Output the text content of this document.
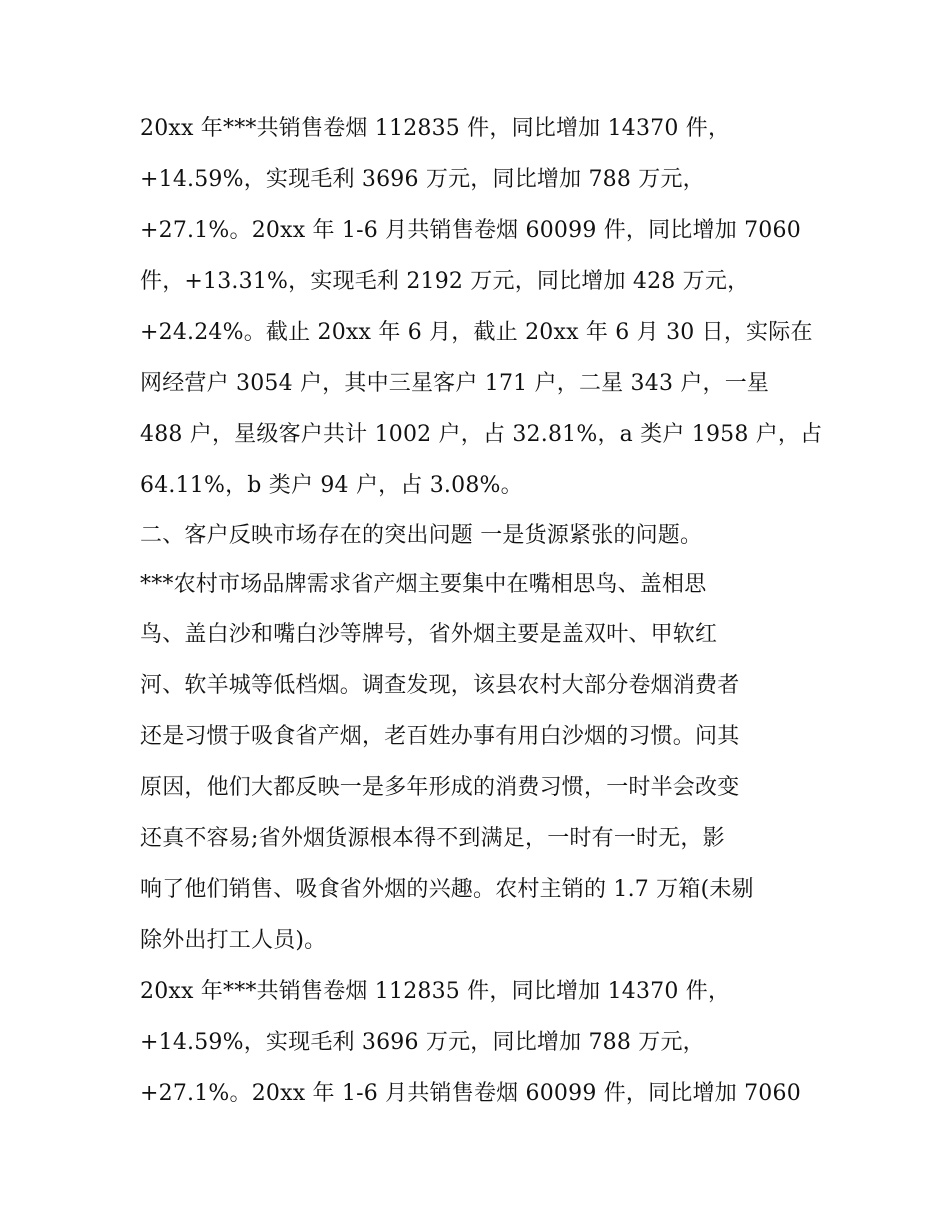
20xx 年***共销售卷烟 112835 件，同比增加 14370 件，
+14.59%，实现毛利 3696 万元，同比增加 788 万元，
+27.1%。20xx 年 1-6 月共销售卷烟 60099 件，同比增加 7060
件，+13.31%，实现毛利 2192 万元，同比增加 428 万元，
+24.24%。截止 20xx 年 6 月，截止 20xx 年 6 月 30 日，实际在
网经营户 3054 户，其中三星客户 171 户，二星 343 户，一星
488 户，星级客户共计 1002 户，占 32.81%，a 类户 1958 户，占
64.11%，b 类户 94 户，占 3.08%。
二、客户反映市场存在的突出问题 一是货源紧张的问题。
***农村市场品牌需求省产烟主要集中在嘴相思鸟、盖相思
鸟、盖白沙和嘴白沙等牌号，省外烟主要是盖双叶、甲软红
河、软羊城等低档烟。调查发现，该县农村大部分卷烟消费者
还是习惯于吸食省产烟，老百姓办事有用白沙烟的习惯。问其
原因，他们大都反映一是多年形成的消费习惯，一时半会改变
还真不容易;省外烟货源根本得不到满足，一时有一时无，影
响了他们销售、吸食省外烟的兴趣。农村主销的 1.7 万箱(未剔
除外出打工人员)。
20xx 年***共销售卷烟 112835 件，同比增加 14370 件，
+14.59%，实现毛利 3696 万元，同比增加 788 万元，
+27.1%。20xx 年 1-6 月共销售卷烟 60099 件，同比增加 7060
